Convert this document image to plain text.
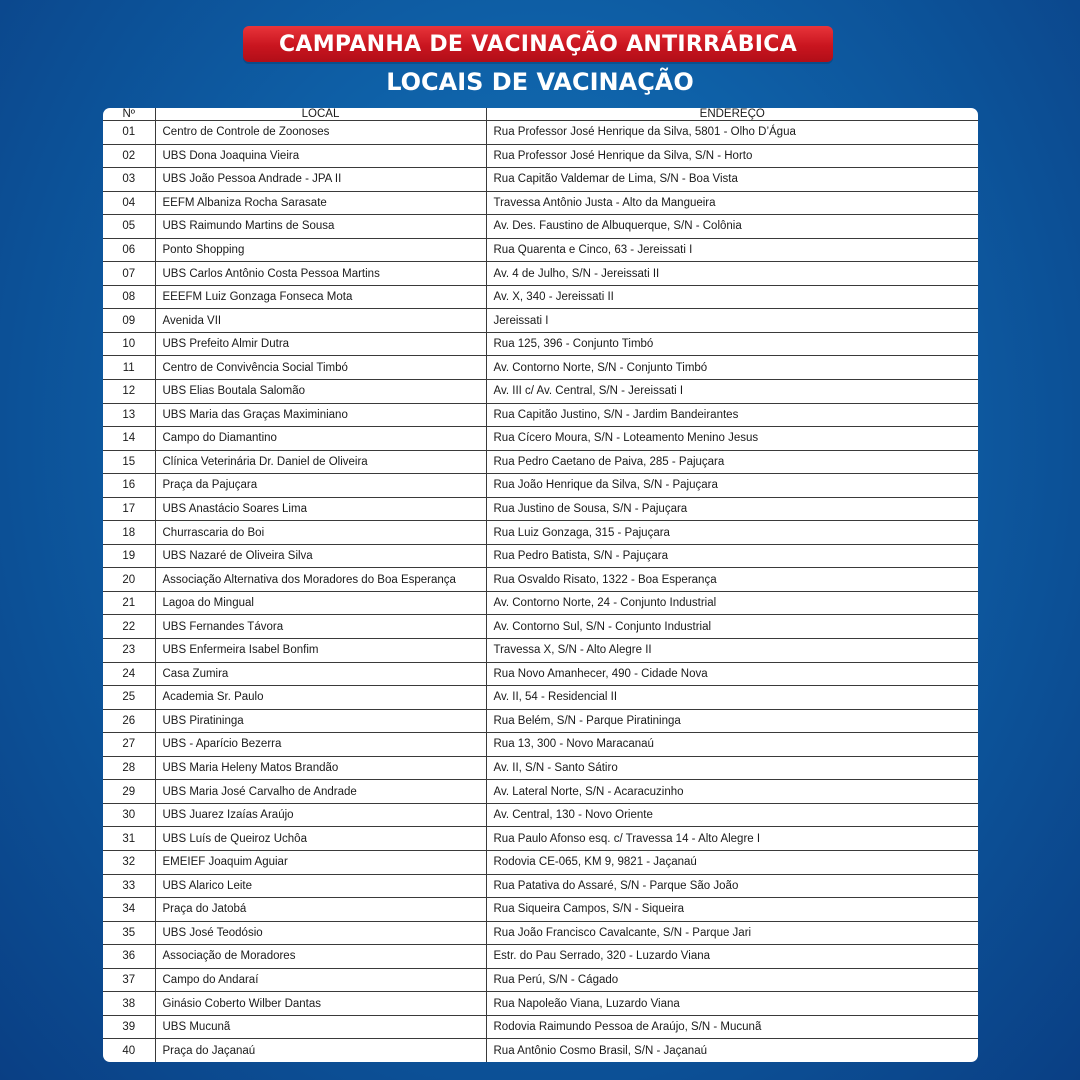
CAMPANHA DE VACINAÇÃO ANTIRRÁBICA
LOCAIS DE VACINAÇÃO
Nº	LOCAL	ENDEREÇO
01	Centro de Controle de Zoonoses	Rua Professor José Henrique da Silva, 5801 - Olho D’Água
02	UBS Dona Joaquina Vieira	Rua Professor José Henrique da Silva, S/N - Horto
03	UBS João Pessoa Andrade - JPA II	Rua Capitão Valdemar de Lima, S/N - Boa Vista
04	EEFM Albaniza Rocha Sarasate	Travessa Antônio Justa - Alto da Mangueira
05	UBS Raimundo Martins de Sousa	Av. Des. Faustino de Albuquerque, S/N - Colônia
06	Ponto Shopping	Rua Quarenta e Cinco, 63 - Jereissati I
07	UBS Carlos Antônio Costa Pessoa Martins	Av. 4 de Julho, S/N - Jereissati II
08	EEEFM Luiz Gonzaga Fonseca Mota	Av. X, 340 - Jereissati II
09	Avenida VII	Jereissati I
10	UBS Prefeito Almir Dutra	Rua 125, 396 - Conjunto Timbó
11	Centro de Convivência Social Timbó	Av. Contorno Norte, S/N - Conjunto Timbó
12	UBS Elias Boutala Salomão	Av. III c/ Av. Central, S/N - Jereissati I
13	UBS Maria das Graças Maximiniano	Rua Capitão Justino, S/N - Jardim Bandeirantes
14	Campo do Diamantino	Rua Cícero Moura, S/N - Loteamento Menino Jesus
15	Clínica Veterinária Dr. Daniel de Oliveira	Rua Pedro Caetano de Paiva, 285 - Pajuçara
16	Praça da Pajuçara	Rua João Henrique da Silva, S/N - Pajuçara
17	UBS Anastácio Soares Lima	Rua Justino de Sousa, S/N - Pajuçara
18	Churrascaria do Boi	Rua Luiz Gonzaga, 315 - Pajuçara
19	UBS Nazaré de Oliveira Silva	Rua Pedro Batista, S/N - Pajuçara
20	Associação Alternativa dos Moradores do Boa Esperança	Rua Osvaldo Risato, 1322 - Boa Esperança
21	Lagoa do Mingual	Av. Contorno Norte, 24 - Conjunto Industrial
22	UBS Fernandes Távora	Av. Contorno Sul, S/N - Conjunto Industrial
23	UBS Enfermeira Isabel Bonfim	Travessa X, S/N - Alto Alegre II
24	Casa Zumira	Rua Novo Amanhecer, 490 - Cidade Nova
25	Academia Sr. Paulo	Av. II, 54 - Residencial II
26	UBS Piratininga	Rua Belém, S/N - Parque Piratininga
27	UBS - Aparício Bezerra	Rua 13, 300 - Novo Maracanaú
28	UBS Maria Heleny Matos Brandão	Av. II, S/N - Santo Sátiro
29	UBS Maria José Carvalho de Andrade	Av. Lateral Norte, S/N - Acaracuzinho
30	UBS Juarez Izaías Araújo	Av. Central, 130 - Novo Oriente
31	UBS Luís de Queiroz Uchôa	Rua Paulo Afonso esq. c/ Travessa 14 - Alto Alegre I
32	EMEIEF Joaquim Aguiar	Rodovia CE-065, KM 9, 9821 - Jaçanaú
33	UBS Alarico Leite	Rua Patativa do Assaré, S/N - Parque São João
34	Praça do Jatobá	Rua Siqueira Campos, S/N - Siqueira
35	UBS José Teodósio	Rua João Francisco Cavalcante, S/N - Parque Jari
36	Associação de Moradores	Estr. do Pau Serrado, 320 - Luzardo Viana
37	Campo do Andaraí	Rua Perú, S/N - Cágado
38	Ginásio Coberto Wilber Dantas	Rua Napoleão Viana, Luzardo Viana
39	UBS Mucunã	Rodovia Raimundo Pessoa de Araújo, S/N - Mucunã
40	Praça do Jaçanaú	Rua Antônio Cosmo Brasil, S/N - Jaçanaú
